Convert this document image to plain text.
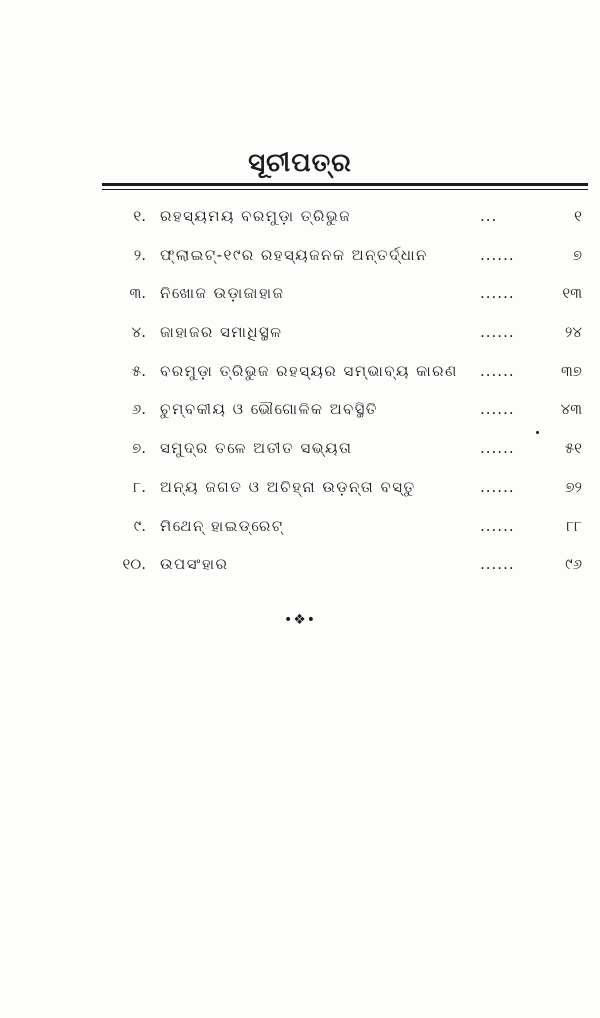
ସୂଚୀପତ୍ର
୧. ରହସ୍ୟମୟ ବରମୁଡ଼ା ତ୍ରିଭୁଜ	...	୧
୨. ଫ୍ଲାଇଟ୍-୧୯ର ରହସ୍ୟଜନକ ଅନ୍ତର୍ଦ୍ଧାନ	......	୭
୩. ନିଖୋଜ ଉଡ଼ାଜାହାଜ	......	୧୩
୪. ଜାହାଜର ସମାଧିସ୍ଥଳ	......	୨୪
୫. ବରମୁଡ଼ା ତ୍ରିଭୁଜ ରହସ୍ୟର ସମ୍ଭାବ୍ୟ କାରଣ ......	୩୭
୬. ଚୁମ୍ବକୀୟ ଓ ଭୌଗୋଳିକ ଅବସ୍ଥିତି	......	୪୩
୭. ସମୁଦ୍ର ତଳେ ଅତୀତ ସଭ୍ୟତା	......	୫୧
୮. ଅନ୍ୟ ଜଗତ ଓ ଅଚିହ୍ନା ଉଡ଼ନ୍ତା ବସ୍ତୁ	......	୭୨
୯. ମିଥେନ୍ ହାଇଡ୍ରେଟ୍	......	୮୮
୧୦. ଉପସଂହାର	......	୯୬
•❖•
